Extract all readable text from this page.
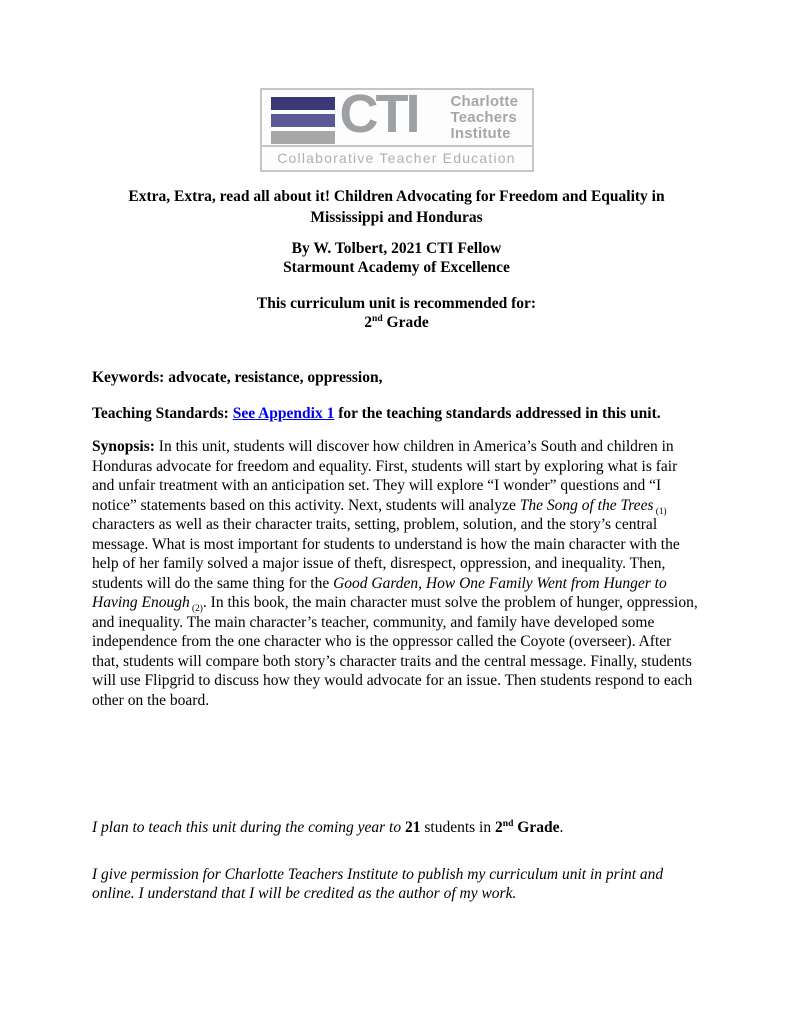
CTI Charlotte
Teachers
Institute
Collaborative Teacher Education
Extra, Extra, read all about it! Children Advocating for Freedom and Equality in
Mississippi and Honduras
By W. Tolbert, 2021 CTI Fellow
Starmount Academy of Excellence
This curriculum unit is recommended for:
2nd Grade
Keywords: advocate, resistance, oppression,
Teaching Standards: See Appendix 1 for the teaching standards addressed in this unit.
Synopsis: In this unit, students will discover how children in America’s South and children in Honduras advocate for freedom and equality. First, students will start by exploring what is fair and unfair treatment with an anticipation set. They will explore “I wonder” questions and “I notice” statements based on this activity. Next, students will analyze The Song of the Trees $_{(1)}$ characters as well as their character traits, setting, problem, solution, and the story’s central message. What is most important for students to understand is how the main character with the help of her family solved a major issue of theft, disrespect, oppression, and inequality. Then, students will do the same thing for the Good Garden, How One Family Went from Hunger to Having Enough $_{(2)}$. In this book, the main character must solve the problem of hunger, oppression, and inequality. The main character’s teacher, community, and family have developed some independence from the one character who is the oppressor called the Coyote (overseer). After that, students will compare both story’s character traits and the central message. Finally, students will use Flipgrid to discuss how they would advocate for an issue. Then students respond to each other on the board.
I plan to teach this unit during the coming year to 21 students in 2nd Grade.
I give permission for Charlotte Teachers Institute to publish my curriculum unit in print and online. I understand that I will be credited as the author of my work.
